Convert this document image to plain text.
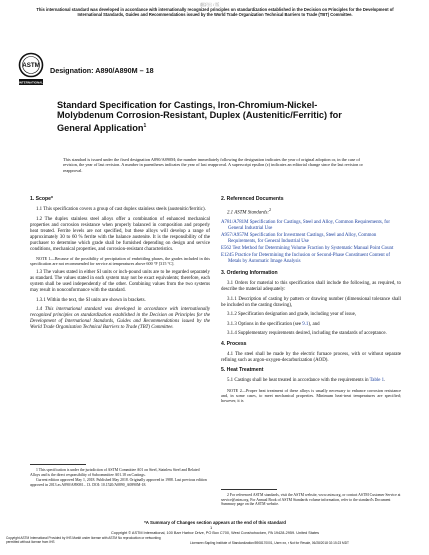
翻訳出 / 版
This international standard was developed in accordance with internationally recognized principles on standardization established in the Decision on Principles for the Development of International Standards, Guides and Recommendations issued by the World Trade Organization Technical Barriers to Trade (TBT) Committee.
ASTM
INTERNATIONAL
Designation: A890/A890M – 18
Standard Specification for Castings, Iron-Chromium-Nickel-Molybdenum Corrosion-Resistant, Duplex (Austenitic/Ferritic) for General Application$^1$
This standard is issued under the fixed designation A890/A890M; the number immediately following the designation indicates the year of original adoption or, in the case of revision, the year of last revision. A number in parentheses indicates the year of last reapproval. A superscript epsilon (ε) indicates an editorial change since the last revision or reapproval.
1. Scope*
1.1 This specification covers a group of cast duplex stainless steels (austenitic/ferritic).
1.2 The duplex stainless steel alloys offer a combination of enhanced mechanical properties and corrosion resistance when properly balanced in composition and properly heat treated. Ferrite levels are not specified, but these alloys will develop a range of approximately 30 to 60 % ferrite with the balance austenite. It is the responsibility of the purchaser to determine which grade shall be furnished depending on design and service conditions, mechanical properties, and corrosion-resistant characteristics.
NOTE 1—Because of the possibility of precipitation of embrittling phases, the grades included in this specification are not recommended for service at temperatures above 600 °F [315 °C].
1.3 The values stated in either SI units or inch-pound units are to be regarded separately as standard. The values stated in each system may not be exact equivalents; therefore, each system shall be used independently of the other. Combining values from the two systems may result in nonconformance with the standard.
1.3.1 Within the text, the SI units are shown in brackets.
1.4 This international standard was developed in accordance with internationally recognized principles on standardization established in the Decision on Principles for the Development of International Standards, Guides and Recommendations issued by the World Trade Organization Technical Barriers to Trade (TBT) Committee.
2. Referenced Documents
2.1 ASTM Standards:$^2$
A781/A781M Specification for Castings, Steel and Alloy, Common Requirements, for General Industrial Use
A957/A957M Specification for Investment Castings, Steel and Alloy, Common Requirements, for General Industrial Use
E562 Test Method for Determining Volume Fraction by Systematic Manual Point Count
E1245 Practice for Determining the Inclusion or Second-Phase Constituent Content of Metals by Automatic Image Analysis
3. Ordering Information
3.1 Orders for material to this specification shall include the following, as required, to describe the material adequately:
3.1.1 Description of casting by pattern or drawing number (dimensional tolerance shall be included on the casting drawing),
3.1.2 Specification designation and grade, including year of issue,
3.1.3 Options in the specification (see 9.1), and
3.1.4 Supplementary requirements desired, including the standards of acceptance.
4. Process
4.1 The steel shall be made by the electric furnace process, with or without separate refining such as argon-oxygen-decarburization (AOD).
5. Heat Treatment
5.1 Castings shall be heat treated in accordance with the requirements in Table 1.
NOTE 2—Proper heat treatment of these alloys is usually necessary to enhance corrosion resistance and, in some cases, to meet mechanical properties. Minimum heat-treat temperatures are specified; however, it is
1 This specification is under the jurisdiction of ASTM Committee A01 on Steel, Stainless Steel and Related Alloys and is the direct responsibility of Subcommittee A01.18 on Castings.
Current edition approved May 1, 2018. Published May 2018. Originally approved in 1988. Last previous edition approved in 2013 as A890/A890M – 13. DOI: 10.1520/A0890_A0890M-18.
2 For referenced ASTM standards, visit the ASTM website, www.astm.org, or contact ASTM Customer Service at service@astm.org. For Annual Book of ASTM Standards volume information, refer to the standard's Document Summary page on the ASTM website.
*A Summary of Changes section appears at the end of this standard
1
Copyright © ASTM International, 100 Barr Harbor Drive, PO Box C700, West Conshohocken, PA 19428-2959. United States
Copyright ASTM International Provided by IHS Markit under license with ASTM No reproduction or networking permitted without license from IHS	Licensee=Sapling Institute of Standardization/5908170001, User=xx, r Not for Resale, 06/28/2018 02:15:23 MDT
